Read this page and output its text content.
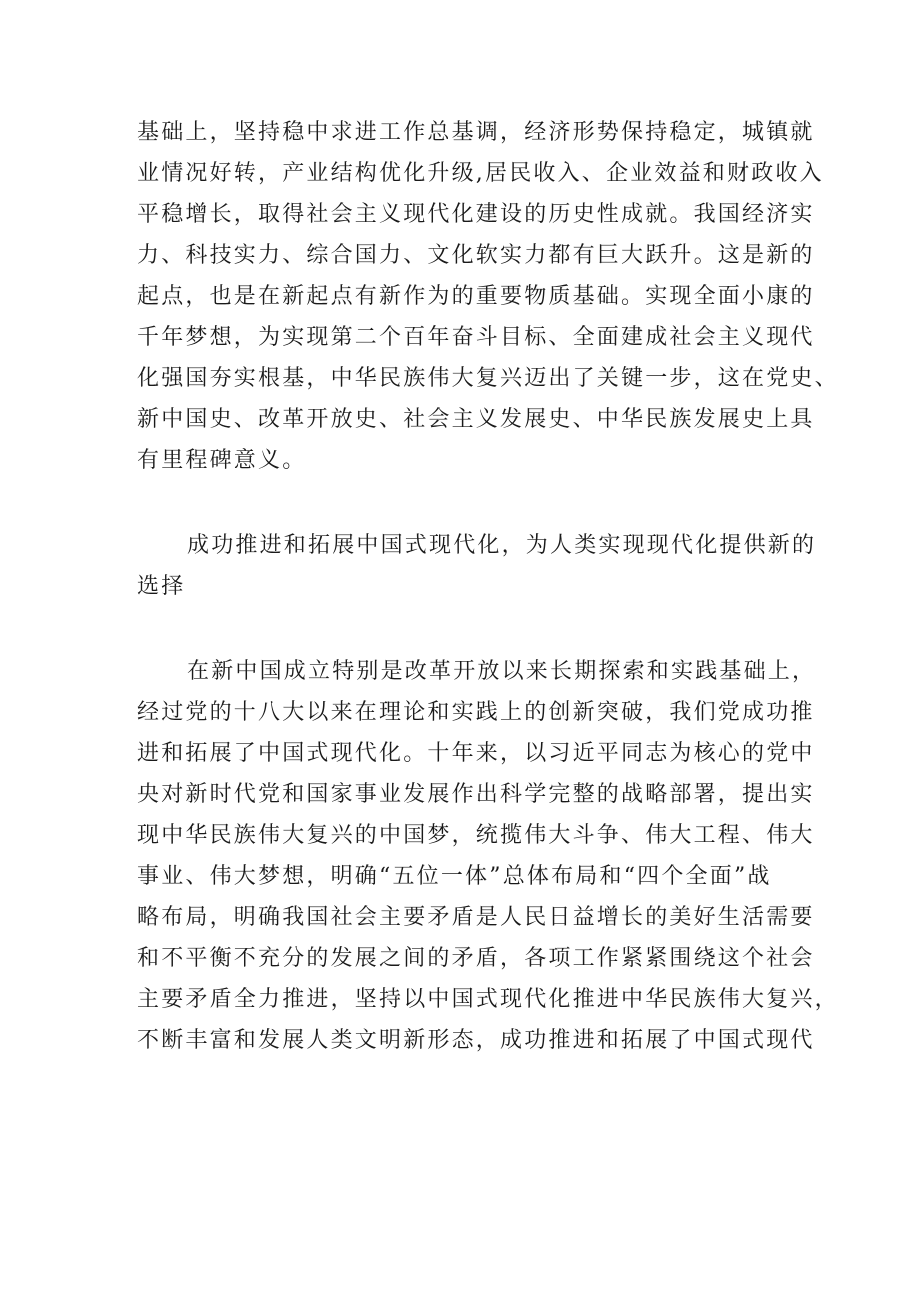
基础上，坚持稳中求进工作总基调，经济形势保持稳定，城镇就
业情况好转，产业结构优化升级,居民收入、企业效益和财政收入
平稳增长，取得社会主义现代化建设的历史性成就。我国经济实
力、科技实力、综合国力、文化软实力都有巨大跃升。这是新的
起点，也是在新起点有新作为的重要物质基础。实现全面小康的
千年梦想，为实现第二个百年奋斗目标、全面建成社会主义现代
化强国夯实根基，中华民族伟大复兴迈出了关键一步，这在党史、
新中国史、改革开放史、社会主义发展史、中华民族发展史上具
有里程碑意义。
成功推进和拓展中国式现代化，为人类实现现代化提供新的
选择
在新中国成立特别是改革开放以来长期探索和实践基础上，
经过党的十八大以来在理论和实践上的创新突破，我们党成功推
进和拓展了中国式现代化。十年来，以习近平同志为核心的党中
央对新时代党和国家事业发展作出科学完整的战略部署，提出实
现中华民族伟大复兴的中国梦，统揽伟大斗争、伟大工程、伟大
事业、伟大梦想，明确“五位一体”总体布局和“四个全面”战
略布局，明确我国社会主要矛盾是人民日益增长的美好生活需要
和不平衡不充分的发展之间的矛盾，各项工作紧紧围绕这个社会
主要矛盾全力推进，坚持以中国式现代化推进中华民族伟大复兴，
不断丰富和发展人类文明新形态，成功推进和拓展了中国式现代
